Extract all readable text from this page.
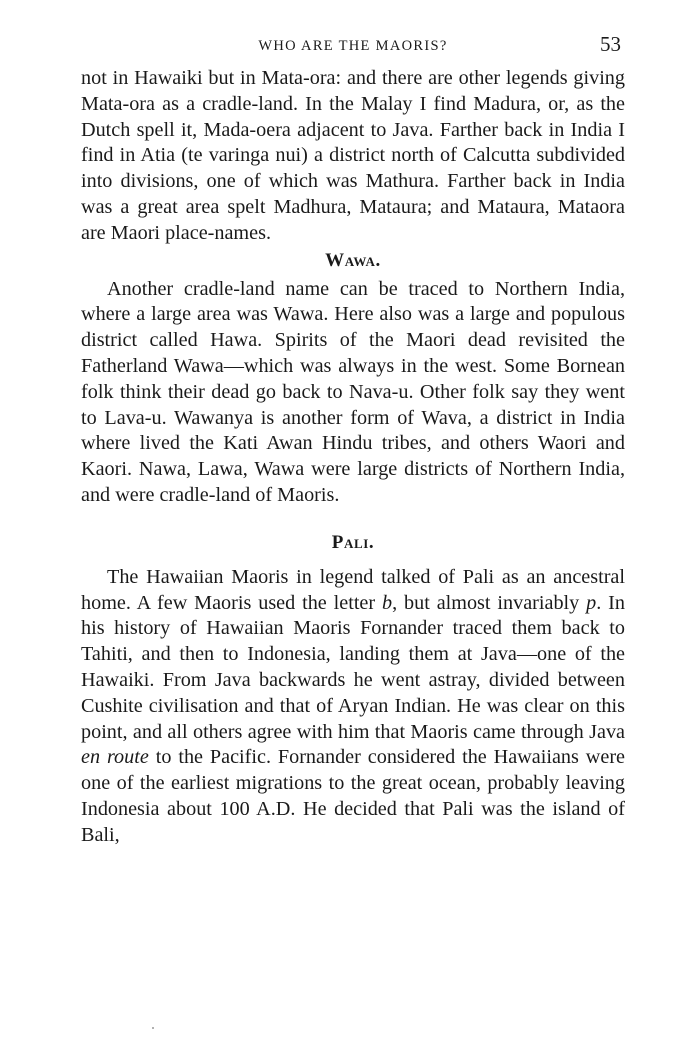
WHO ARE THE MAORIS?	53

not in Hawaiki but in Mata-ora: and there are other legends giving Mata-ora as a cradle-land. In the Malay I find Madura, or, as the Dutch spell it, Mada-oera adjacent to Java. Farther back in India I find in Atia (te varinga nui) a district north of Calcutta subdivided into divisions, one of which was Mathura. Farther back in India was a great area spelt Madhura, Mataura; and Mataura, Mataora are Maori place-names.

Wawa.

Another cradle-land name can be traced to Northern India, where a large area was Wawa. Here also was a large and populous district called Hawa. Spirits of the Maori dead revisited the Fatherland Wawa—which was always in the west. Some Bornean folk think their dead go back to Nava-u. Other folk say they went to Lava-u. Wawanya is another form of Wava, a district in India where lived the Kati Awan Hindu tribes, and others Waori and Kaori. Nawa, Lawa, Wawa were large districts of Northern India, and were cradle-land of Maoris.

Pali.

The Hawaiian Maoris in legend talked of Pali as an ancestral home. A few Maoris used the letter b, but almost invariably p. In his history of Hawaiian Maoris Fornander traced them back to Tahiti, and then to Indonesia, landing them at Java—one of the Hawaiki. From Java backwards he went astray, divided between Cushite civilisation and that of Aryan Indian. He was clear on this point, and all others agree with him that Maoris came through Java en route to the Pacific. Fornander considered the Hawaiians were one of the earliest migrations to the great ocean, probably leaving Indonesia about 100 A.D. He decided that Pali was the island of Bali,
